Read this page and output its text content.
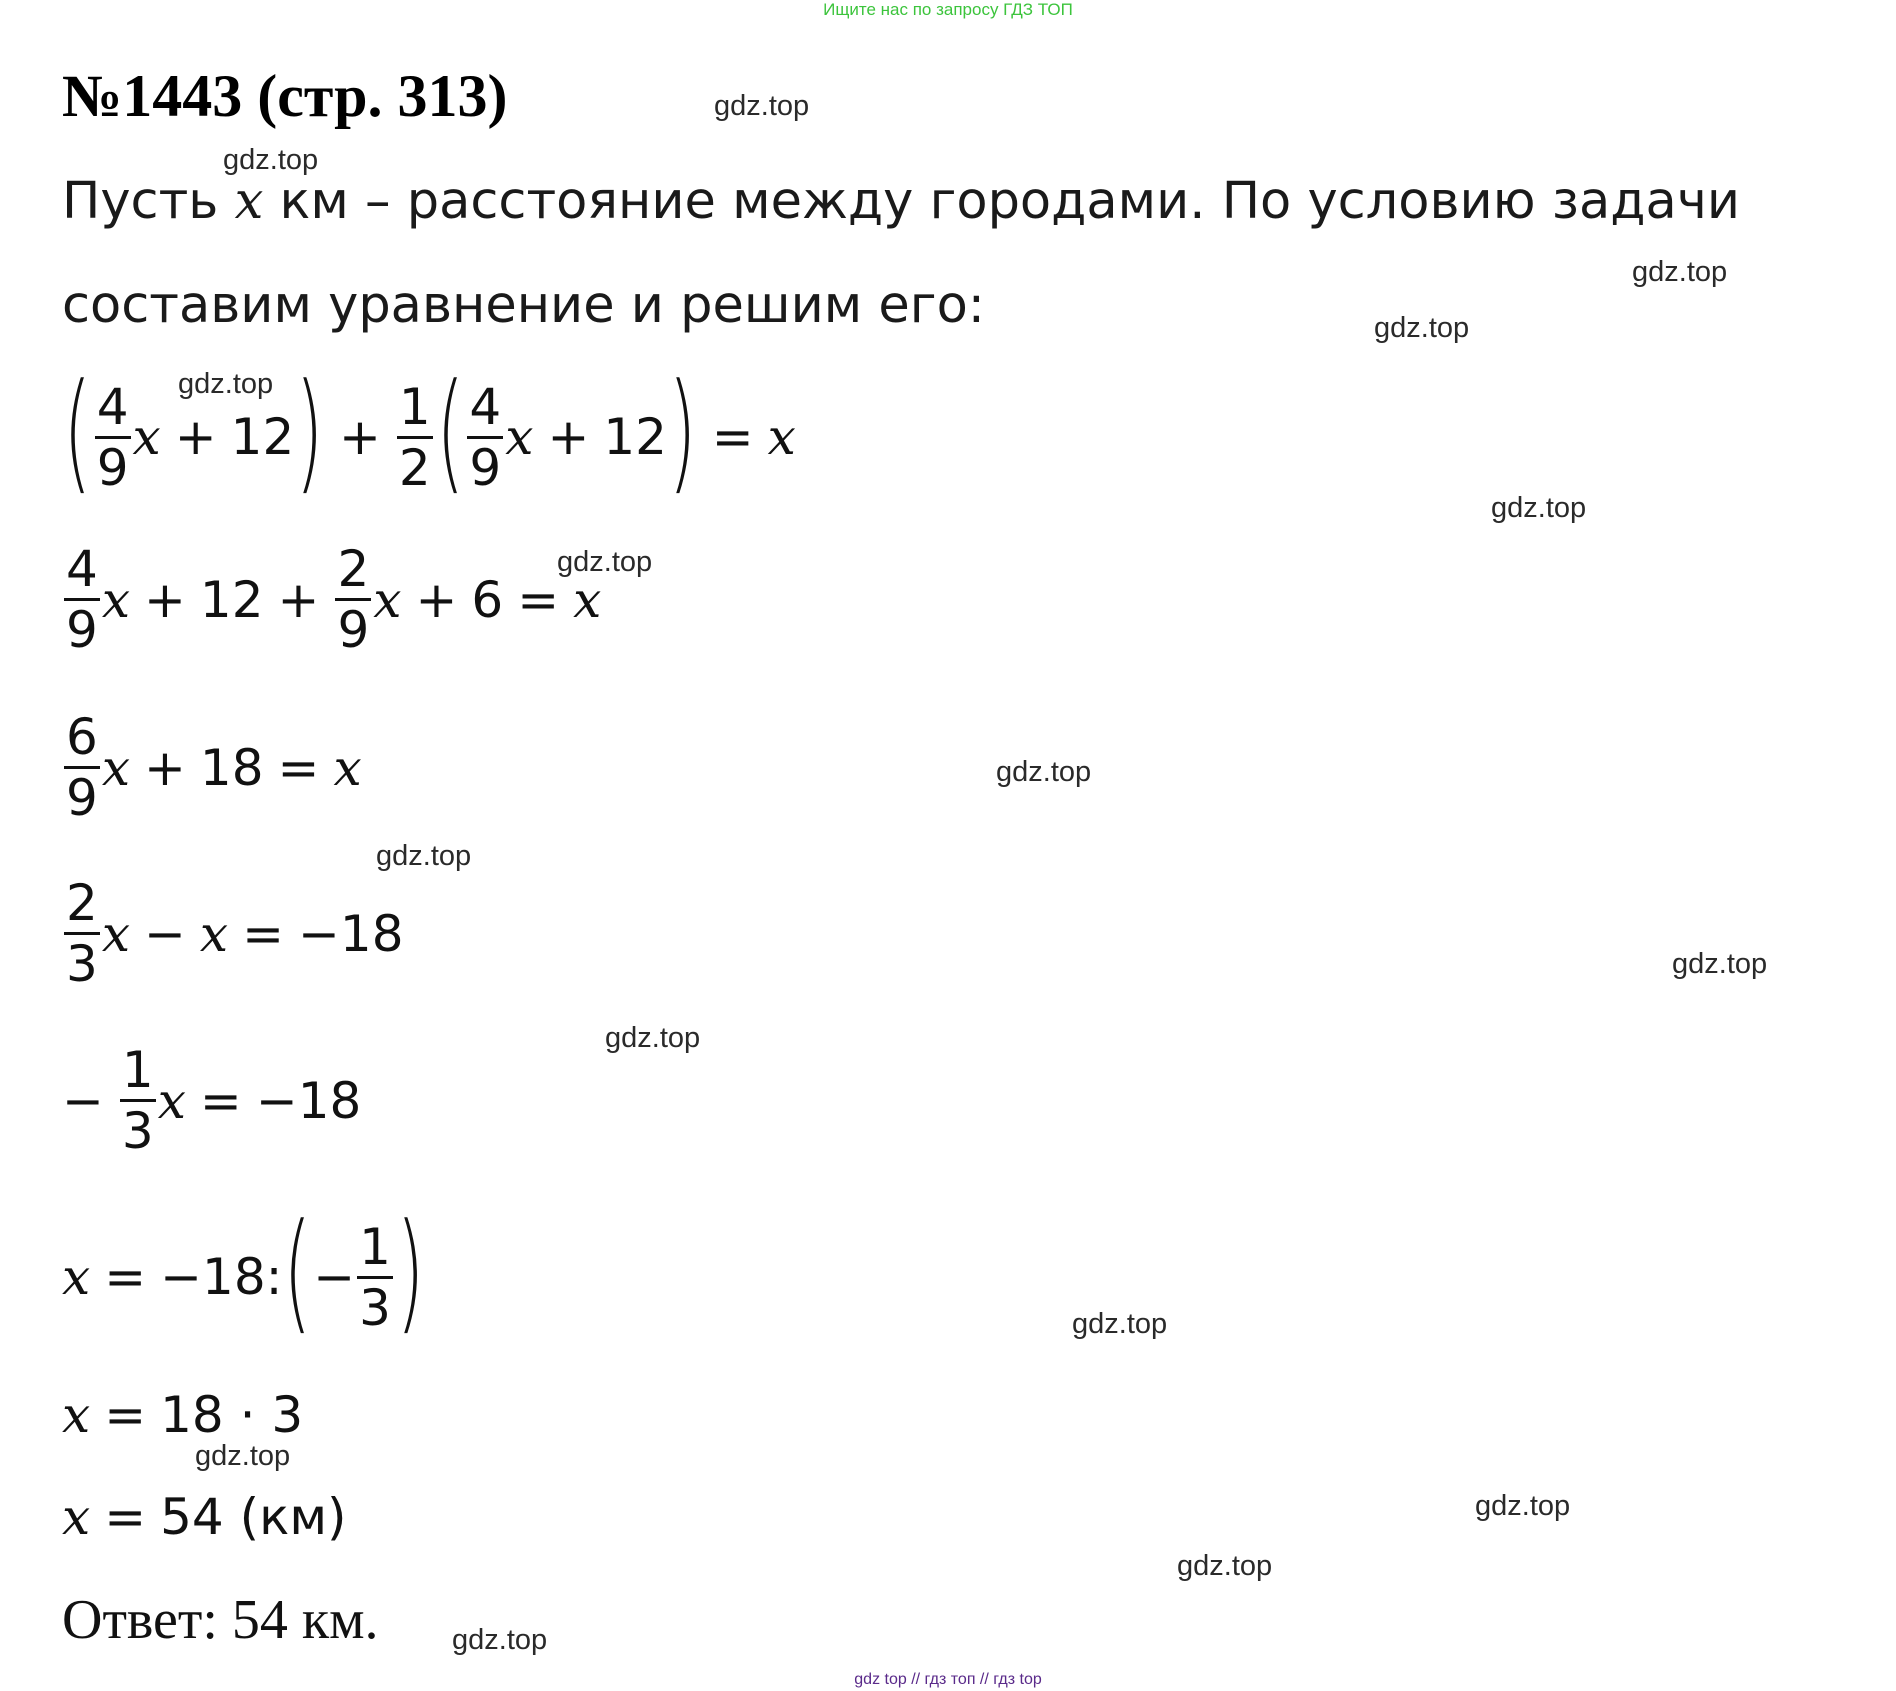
Ищите нас по запросу ГДЗ ТОП
№1443 (стр. 313)
Пусть x км – расстояние между городами. По условию задачи
составим уравнение и решим его:
( $\frac{4}{9}$ x + 12 ) + $\frac{1}{2}$ ( $\frac{4}{9}$ x + 12 ) = x
$\frac{4}{9}$ $x + 12 + \frac{2}{9}$ x + 6 = x
$\frac{6}{9}$ x + 18 = x
$\frac{2}{3}$ x − x = −18
− $\frac{1}{3}$ x = −18
x = −18: ( − $\frac{1}{3}$ )
x = 18 · 3
x = 54 (км)
Ответ: 54 км.
gdz.top
gdz.top
gdz.top
gdz.top
gdz.top
gdz.top
gdz.top
gdz.top
gdz.top
gdz.top
gdz.top
gdz.top
gdz.top
gdz.top
gdz.top
gdz.top
gdz top // гдз топ // гдз top
